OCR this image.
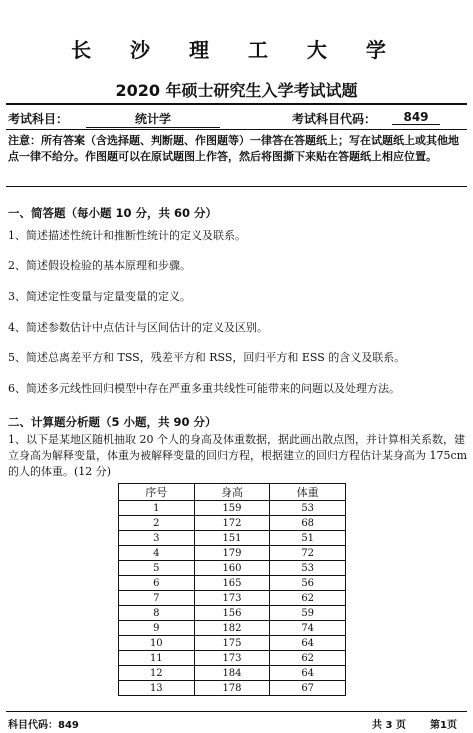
长 沙 理 工 大 学
2020 年硕士研究生入学考试试题
考试科目：	统计学	考试科目代码：	849
注意：所有答案（含选择题、判断题、作图题等）一律答在答题纸上；写在试题纸上或其他地点一律不给分。作图题可以在原试题图上作答，然后将图撕下来贴在答题纸上相应位置。
一、简答题（每小题 10 分，共 60 分）
1、简述描述性统计和推断性统计的定义及联系。
2、简述假设检验的基本原理和步骤。
3、简述定性变量与定量变量的定义。
4、简述参数估计中点估计与区间估计的定义及区别。
5、简述总离差平方和 TSS，残差平方和 RSS，回归平方和 ESS 的含义及联系。
6、简述多元线性回归模型中存在严重多重共线性可能带来的问题以及处理方法。
二、计算题分析题（5 小题，共 90 分）
1、以下是某地区随机抽取 20 个人的身高及体重数据，据此画出散点图，并计算相关系数，建立身高为解释变量，体重为被解释变量的回归方程，根据建立的回归方程估计某身高为 175cm 的人的体重。(12 分)
序号	身高	体重
1	159	53
2	172	68
3	151	51
4	179	72
5	160	53
6	165	56
7	173	62
8	156	59
9	182	74
10	175	64
11	173	62
12	184	64
13	178	67
科目代码：849	共 3 页 第1页
